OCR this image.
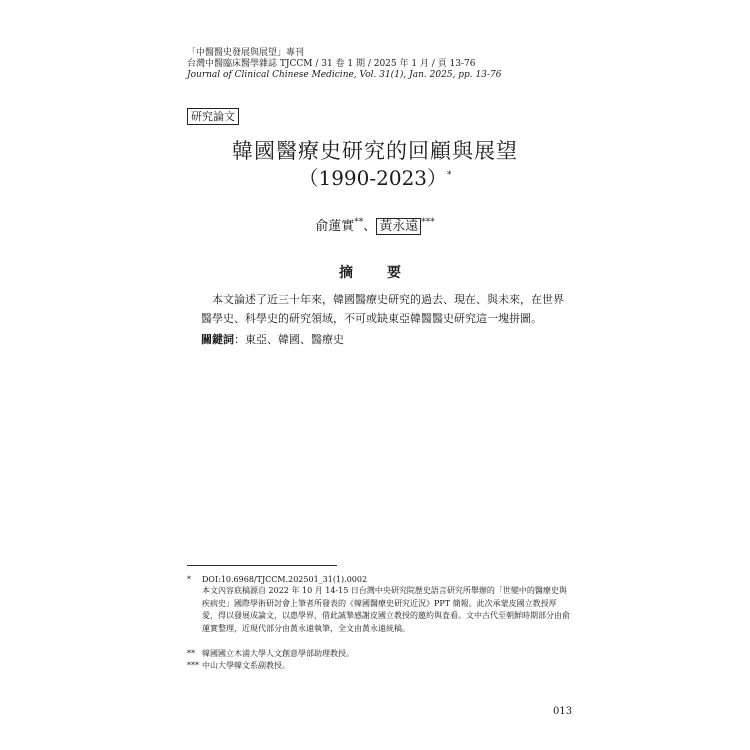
「中醫醫史發展與展望」專刊
台灣中醫臨床醫學雜誌 TJCCM / 31 卷 1 期 / 2025 年 1 月 / 頁 13-76
Journal of Clinical Chinese Medicine, Vol. 31(1), Jan. 2025, pp. 13-76
研究論文
韓國醫療史研究的回顧與展望
（1990-2023）*
俞蓮實**、 黃永遠 ***
摘　要
本文論述了近三十年來，韓國醫療史研究的過去、現在、與未來，在世界醫學史、科學史的研究領域，不可或缺東亞韓醫醫史研究這一塊拼圖。
關鍵詞：東亞、韓國、醫療史
* DOI:10.6968/TJCCM.202501_31(1).0002
本文內容底稿源自 2022 年 10 月 14-15 日台灣中央研究院歷史語言研究所舉辦的「世變中的醫療史與疾病史」國際學術研討會上筆者所發表的《韓國醫療史研究近況》PPT 簡報。此次承蒙皮國立教授厚愛，得以發展成論文，以惠學界，借此誠摯感謝皮國立教授的邀約與査看。文中古代至朝鮮時期部分由俞蓮實整理，近現代部分由黃永遠執筆，全文由黃永遠統稿。
** 韓國國立木浦大學人文創意學部助理教授。
*** 中山大學韓文系副教授。
013
